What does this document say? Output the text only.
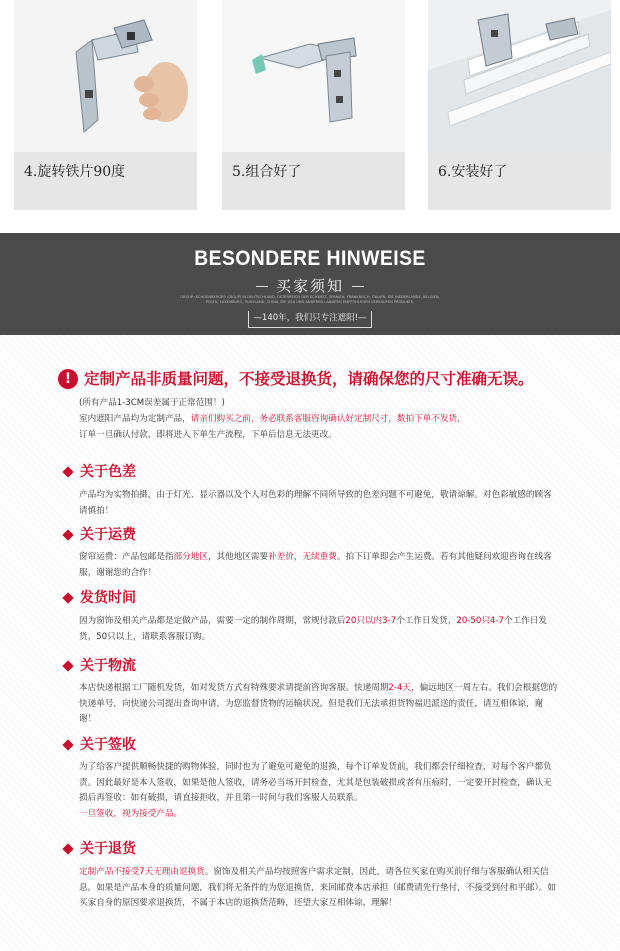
4.旋转铁片90度	5.组合好了	6.安装好了
BESONDERE HINWEISE
买家须知
GROUP (SCHOENBERGER GROUP) IN DEUTSCHLAND, OSTERREICH DER SCHWEIZ, SPANIEN, FRANKREICH, ITALIEN, DIE NIEDERLANDE, BELGIEN, POLEN, LUXEMBURG, RUSSLAND, CHINA, DIE USA UND ANDEREN LANDERN EMPFOHLENEN VERKAUFEN PRODUKTE.
—140年，我们只专注遮阳!—
! 定制产品非质量问题，不接受退换货，请确保您的尺寸准确无误。
(所有产品1-3CM误差属于正常范围！)
室内遮阳产品均为定制产品，请亲们购买之前，务必联系客服咨询确认好定制尺寸，数拍下单不发货，
订单一旦确认付款，即将进入下单生产流程，下单后信息无法更改。
关于色差
产品均为实物拍摄，由于灯光、显示器以及个人对色彩的理解不同所导致的色差问题不可避免，敬请谅解。对色彩敏感的顾客请慎拍！
关于运费
窗帘运费：产品包邮是指部分地区，其他地区需要补差价，无续重费。拍下订单即会产生运费。若有其他疑问欢迎咨询在线客服，谢谢您的合作！
发货时间
因为窗饰及相关产品都是定做产品，需要一定的制作周期，常规付款后20只以内3-7个工作日发货，20-50只4-7个工作日发货，50只以上，请联系客服订购。
关于物流
本店快递根据工厂随机发货，如对发货方式有特殊要求请提前咨询客服。快递周期2-4天，偏远地区一周左右。我们会根据您的快递单号，向快递公司提出查询申请，为您监督货物的运输状况。但是我们无法承担货物福迟派送的责任，请互相体谅，谢谢！
关于签收
为了给客户提供顺畅快捷的购物体验，同时也为了避免可避免的退换，每个订单发货前，我们都会仔细检查，对每个客户都负责。因此最好是本人签收，如果是他人签收，请务必当场开封检查，尤其是包装破损或者有压痕时，一定要开封检查，确认无损后再签收：如有破损，请直接拒收，并且第一时间与我们客服人员联系。
一旦签收，视为接受产品。
关于退货
定制产品不接受7天无理由退换货。窗饰及相关产品均按照客户需求定制，因此，请各位买家在购买前仔细与客服确认相关信息。如果是产品本身的质量问题，我们将无条件的为您退换货，来回邮费本店承担（邮费请先行垫付，不接受到付和平邮）。如买家自身的原因要求退换货，不属于本店的退换货范畴，还望大家互相体谅，理解！
